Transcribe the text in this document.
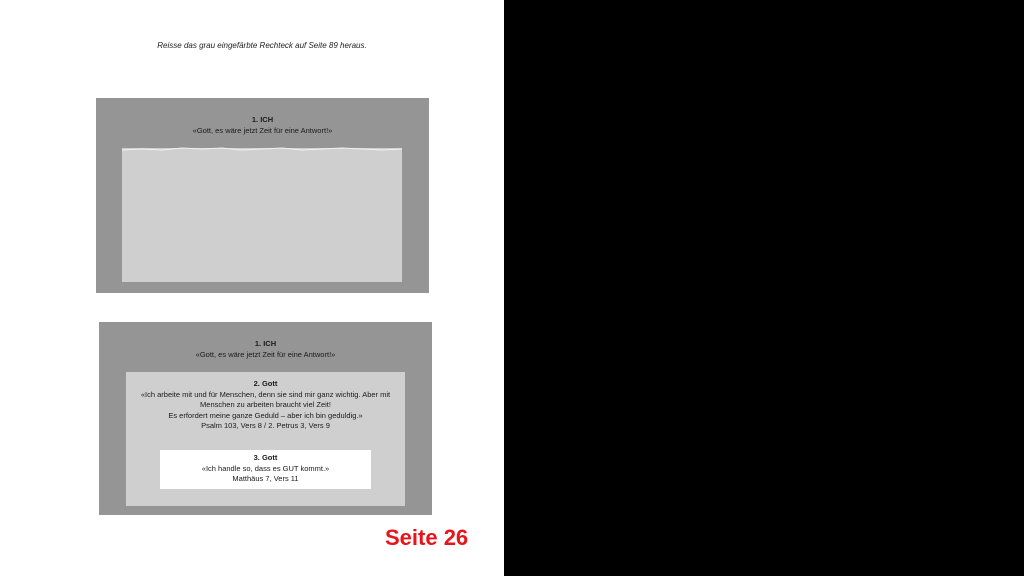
Reisse das grau eingefärbte Rechteck auf Seite 89 heraus.
1. ICH
«Gott, es wäre jetzt Zeit für eine Antwort!»
1. ICH
«Gott, es wäre jetzt Zeit für eine Antwort!»
2. Gott
«Ich arbeite mit und für Menschen, denn sie sind mir ganz wichtig. Aber mit
Menschen zu arbeiten braucht viel Zeit!
Es erfordert meine ganze Geduld – aber ich bin geduldig.»
Psalm 103, Vers 8 / 2. Petrus 3, Vers 9
3. Gott
«Ich handle so, dass es GUT kommt.»
Matthäus 7, Vers 11
Seite 26
